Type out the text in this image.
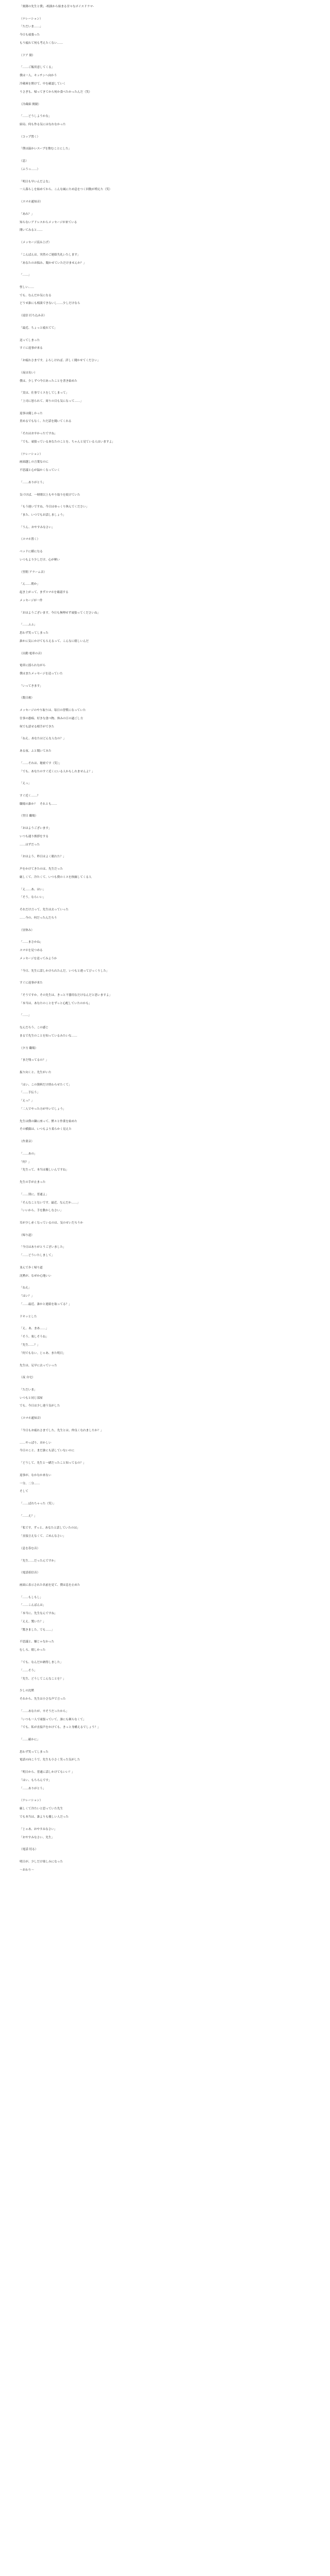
「刻薄の先生と僕」-相談から始まる甘々なボイスドラマ-
（ナレーション）
「ただいま……」
今日も頑張った
もう疲れて何も考えたくない……
（ドア 閉）
「……ご飯用意してくる」
僕は一人、キッチンへ向かう
冷蔵庫を開けて、中を確認していく
うさぎも、帰ってきてから何か食べたかったんだ（笑）
（冷蔵庫 開閉）
「……どうしようかな」
結局、何も作る気にはなれなかった
（コップ置く）
「僕は温かいスープを飲むことにした」
（息）
（ふうっ……）
「明日も早いんだよな」
一人暮らしを始めてから、こんな風にため息をつく回数が増えた（笑）
（スマホ通知音）
「あれ？」
知らないアドレスからメッセージが来ている
開いてみると……
（メッセージ読み上げ）
「こんばんは。突然のご連絡失礼いたします」
「あなたのお悩み、聞かせていただけませんか？」
「……」
怪しい……
でも、なんだか気になる
どうせ誰にも相談できないし……少しだけなら
（返信 打ち込み音）
「最近、ちょっと疲れてて」
送ってしまった
すぐに返事が来る
「お疲れさまです。よろしければ、詳しく聞かせてください」
（夜は長い）
僕は、少しずつ今日あったことを書き始めた
「実は、仕事でミスをしてしまって」
「上司に怒られて、周りの目も気になって……」
返事は優しかった
責めるでもなく、ただ話を聞いてくれる
「それはお辛かったですね」
「でも、頑張っているあなたのことを、ちゃんと見ている人はいますよ」
（ナレーション）
画面越しの言葉なのに
不思議と心が温かくなっていく
「……ありがとう」
気づけば、一時間以上もやり取りを続けていた
「もう遅いですね。今日はゆっくり休んでください」
「また、いつでもお話しましょう」
「うん、おやすみなさい」
（スマホ置く）
ベッドに横になる
いつもより少しだけ、心が軽い
（翌朝 アラーム音）
「ん……朝か」
起き上がって、まずスマホを確認する
メッセージが一件
「おはようございます。今日も無理せず頑張ってくださいね」
「……ふふ」
思わず笑ってしまった
誰かに気にかけてもらえるって、こんなに嬉しいんだ
（出勤 電車の音）
電車に揺られながら
僕はまたメッセージを送っていた
「いってきます」
（数日後）
メッセージのやり取りは、毎日の習慣になっていた
仕事の愚痴、好きな食べ物、休みの日の過ごし方
何でも話せる相手ができた
「ねえ、あなたはどんな人なの？」
ある夜、ふと聞いてみた
「……それは、秘密です（笑）」
「でも、あなたのすぐ近くにいる人かもしれませんよ？」
「えっ」
すぐ近く……？
職場の誰か？　それとも……
（翌日 職場）
「おはようございます」
いつも通り挨拶をする
……はずだった
「おはよう。昨日はよく眠れた？」
声をかけてきたのは、先生だった
厳しくて、冷たくて、いつも僕のミスを指摘してくる人
「え……あ、はい」
「そう。ならいい」
それだけ言って、先生は去っていった
……今の、何だったんだろう
（昼休み）
「……まさかね」
スマホを見つめる
メッセージを送ってみようか
「今日、先生に話しかけられたんだ。いつもと違ってびっくりした」
すぐに返事が来た
「そうですか。その先生は、きっと不器用なだけなんだと思いますよ」
「本当は、あなたのことをずっと心配していたのかも」
「……」
なんだろう、この感じ
まるで先生のことを知っているみたいな……
（夕方 職場）
「まだ残ってるの？」
振り向くと、先生がいた
「はい、この資料だけ終わらせたくて」
「……手伝う」
「えっ？」
「二人でやった方が早いでしょう」
先生は僕の隣に座って、黙々と作業を始めた
その横顔は、いつもより柔らかく見えた
（作業音）
「……あの」
「何？」
「先生って、本当は優しいんですね」
先生の手が止まった
「……別に。普通よ」
「そんなことないです。最近、なんだか……」
「いいから、手を動かしなさい」
耳が少し赤くなっているのは、気のせいだろうか
（帰り道）
「今日はありがとうございました」
「……どういたしまして」
並んで歩く帰り道
沈黙が、なぜか心地いい
「ねえ」
「はい？」
「……最近、誰かと連絡を取ってる？」
ドキッとした
「え、あ、まあ……」
「そう。楽しそうね」
「先生……？」
「何でもない。じゃあ、また明日」
先生は、足早に去っていった
（夜 自宅）
「ただいま」
いつもと同じ部屋
でも、今日は少し違う気がした
（スマホ通知音）
「今日もお疲れさまでした。先生とは、仲良くなれましたか？」
……やっぱり、おかしい
今日のこと、まだ誰にも話していないのに
「どうして、先生と一緒だったこと知ってるの？」
返事が、なかなか来ない
一分、二分……
そして
「……ばれちゃった（笑）」
「……え？」
「私です。ずっと、あなたと話していたのは」
「直接言えなくて、ごめんなさい」
（息を呑む音）
「先生……だったんですか」
（電話着信音）
画面に表示された名前を見て、僕は息を止めた
「……もしもし」
「……こんばんは」
「本当に、先生なんですね」
「ええ。驚いた？」
「驚きました。でも……」
不思議と、嫌じゃなかった
むしろ、嬉しかった
「でも、なんだか納得しました」
「……そう」
「先生、どうしてこんなことを？」
少しの沈黙
それから、先生は小さな声で言った
「……あなたが、辛そうだったから」
「いつも一人で頑張っていて、誰にも頼らなくて」
「でも、私が直接声をかけても、きっと身構えるでしょう？」
「……確かに」
思わず笑ってしまった
電話の向こうで、先生も小さく笑った気がした
「明日から、普通に話しかけてもいい？」
「はい、もちろんです」
「……ありがとう」
（ナレーション）
厳しくて冷たいと思っていた先生
でも本当は、誰よりも優しい人だった
「じゃあ、おやすみなさい」
「おやすみなさい、先生」
（電話 切る）
明日が、少しだけ楽しみになった
～おわり～
